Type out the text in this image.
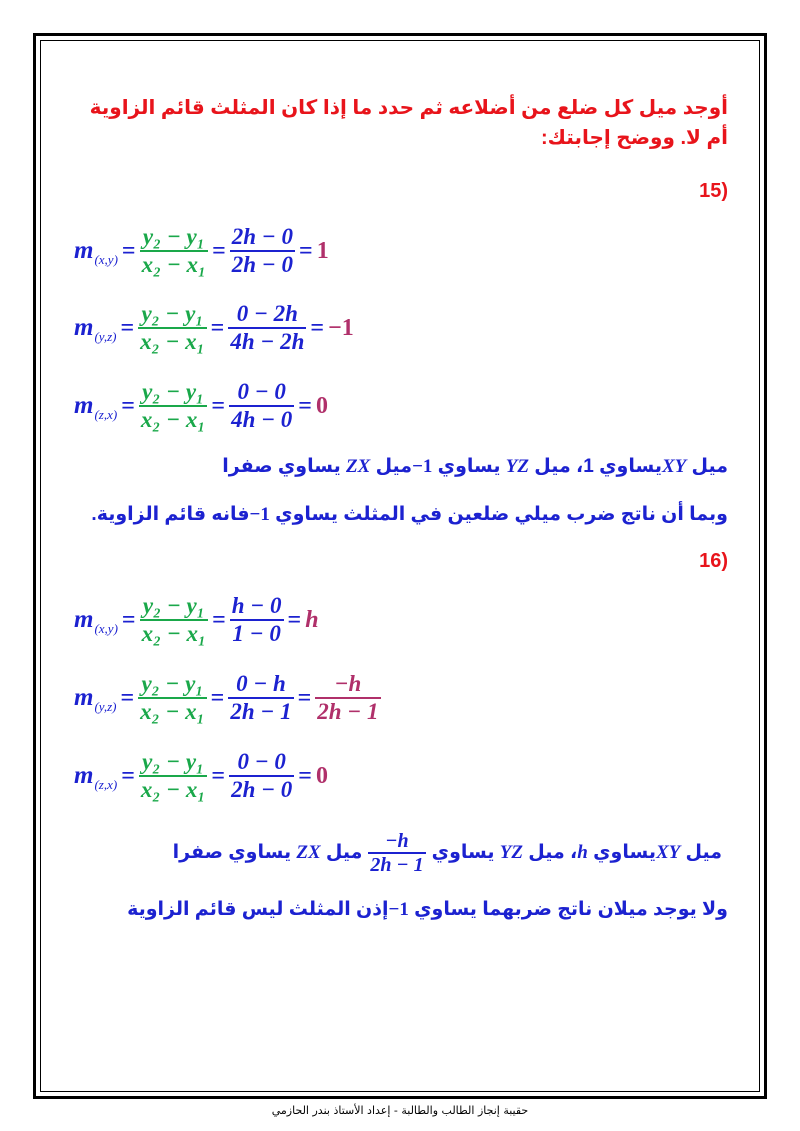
أوجد ميل كل ضلع من أضلاعه ثم حدد ما إذا كان المثلث قائم الزاوية أم لا. ووضح إجابتك:
(15
m $(x,y) = \frac{\text{y₂ − y₁}}{\text{x₂ − x₁}} = \frac{2h - 0}{2h - 0} = 1$
m $(y,z) = \frac{\text{y₂ − y₁}}{\text{x₂ − x₁}} = \frac{0 - 2h}{4h - 2h} = -1$
m $(z,x) = \frac{\text{y₂ − y₁}}{\text{x₂ − x₁}} = \frac{0 - 0}{4h - 0} = 0$
ميل XYيساوي 1، ميل YZ يساوي 1−ميل ZX يساوي صفرا
وبما أن ناتج ضرب ميلي ضلعين في المثلث يساوي 1−فانه قائم الزاوية.
(16
m $(x,y) = \frac{\text{y₂ − y₁}}{\text{x₂ − x₁}} = \frac{h - 0}{1 - 0} = h$
m $(y,z) = \frac{\text{y₂ − y₁}}{\text{x₂ − x₁}} = \frac{0 - h}{2h - 1} = \frac{-h}{2h - 1}$
m $(z,x) = \frac{\text{y₂ − y₁}}{\text{x₂ − x₁}} = \frac{0 - 0}{2h - 0} = 0$
ميل XYيساوي h، ميل YZ يساوي
$\frac{-h}{2h - 1}$
ميل ZX يساوي صفرا
ولا يوجد ميلان ناتج ضربهما يساوي 1−إذن المثلث ليس قائم الزاوية
حقيبة إنجاز الطالب والطالبة - إعداد الأستاذ بندر الحازمي
